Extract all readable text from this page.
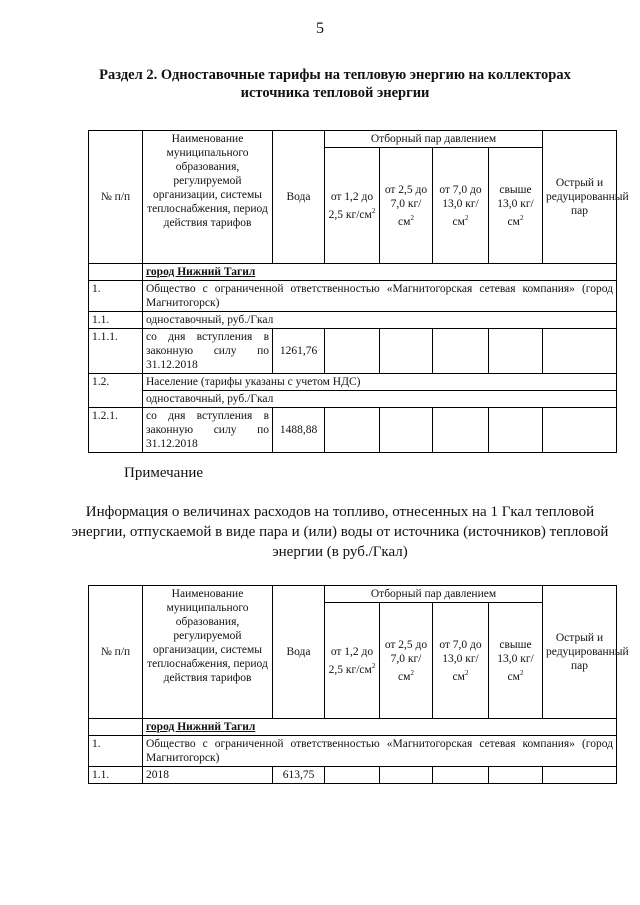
5
Раздел 2. Одноставочные тарифы на тепловую энергию на коллекторах источника тепловой энергии
№ п/п	Наименование муниципального образования, регулируемой организации, системы теплоснабжения, период действия тарифов	Вода	Отборный пар давлением				Острый и редуцированный пар
			от 1,2 до 2,5 $кг/см^2$	от 2,5 до 7,0 $кг/см^2$	от 7,0 до 13,0 $кг/см^2$	свыше 13,0 $кг/см^2$
	город Нижний Тагил						
1.	Общество с ограниченной ответственностью «Магнитогорская сетевая компания» (город Магнитогорск)						
1.1.	одноставочный, руб./Гкал						
1.1.1.	со дня вступления в законную силу по 31.12.2018	1261,76					
1.2.	Население (тарифы указаны с учетом НДС)						
	одноставочный, руб./Гкал						
1.2.1.	со дня вступления в законную силу по 31.12.2018	1488,88					
Примечание
Информация о величинах расходов на топливо, отнесенных на 1 Гкал тепловой энергии, отпускаемой в виде пара и (или) воды от источника (источников) тепловой энергии (в руб./Гкал)
№ п/п	Наименование муниципального образования, регулируемой организации, системы теплоснабжения, период действия тарифов	Вода	Отборный пар давлением				Острый и редуцированный пар
			от 1,2 до 2,5 $кг/см^2$	от 2,5 до 7,0 $кг/см^2$	от 7,0 до 13,0 $кг/см^2$	свыше 13,0 $кг/см^2$
	город Нижний Тагил						
1.	Общество с ограниченной ответственностью «Магнитогорская сетевая компания» (город Магнитогорск)						
1.1.	2018	613,75					
